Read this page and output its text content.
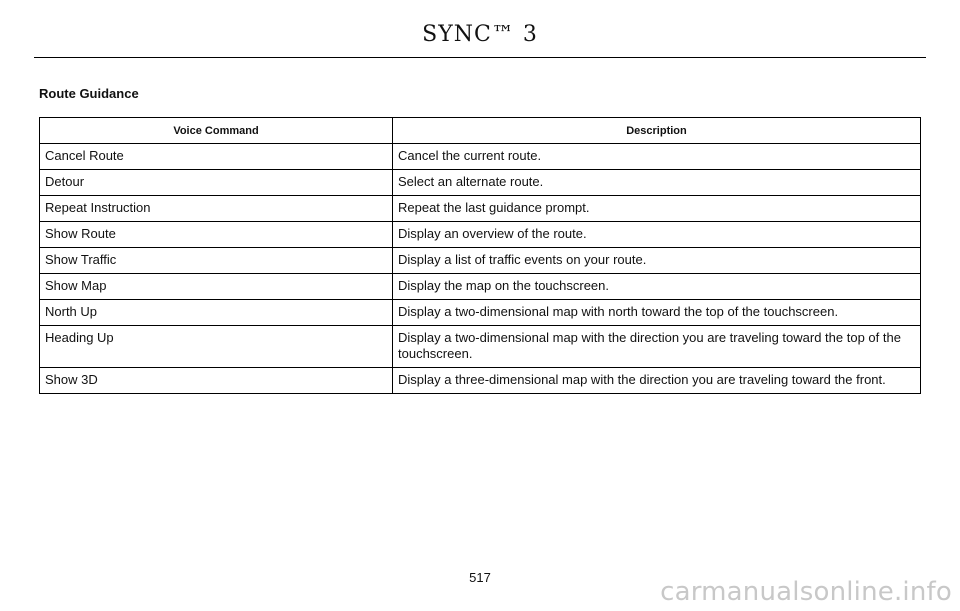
SYNC™ 3
Route Guidance
Voice Command	Description
Cancel Route	Cancel the current route.
Detour	Select an alternate route.
Repeat Instruction	Repeat the last guidance prompt.
Show Route	Display an overview of the route.
Show Traffic	Display a list of traffic events on your route.
Show Map	Display the map on the touchscreen.
North Up	Display a two-dimensional map with north toward the top of the touchscreen.
Heading Up	Display a two-dimensional map with the direction you are traveling toward the top of the touchscreen.
Show 3D	Display a three-dimensional map with the direction you are traveling toward the front.
517	carmanualsonline.info
